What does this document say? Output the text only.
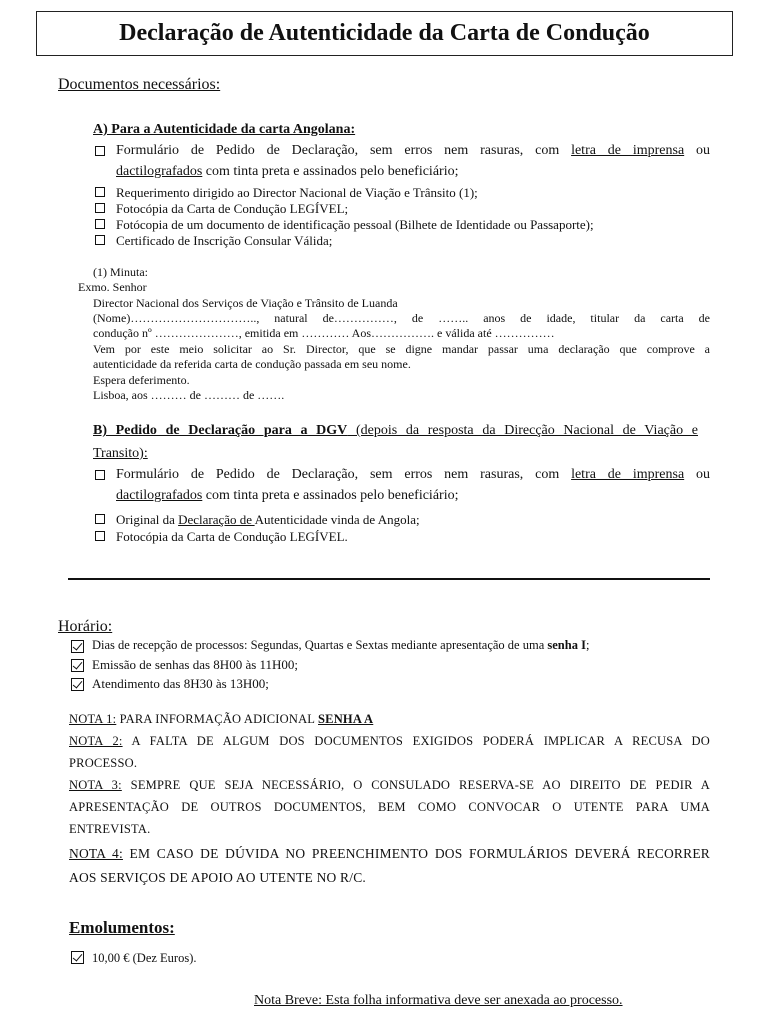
Declaração de Autenticidade da Carta de Condução
Documentos necessários:
A) Para a Autenticidade da carta Angolana:
Formulário de Pedido de Declaração, sem erros nem rasuras, com letra de imprensa ou
dactilografados com tinta preta e assinados pelo beneficiário;
Requerimento dirigido ao Director Nacional de Viação e Trânsito (1);
Fotocópia da Carta de Condução LEGÍVEL;
Fotócopia de um documento de identificação pessoal (Bilhete de Identidade ou Passaporte);
Certificado de Inscrição Consular Válida;
(1) Minuta:
Exmo. Senhor
Director Nacional dos Serviços de Viação e Trânsito de Luanda
(Nome)………………………….., natural de……………, de …….. anos de idade, titular da carta de
condução nº …………………, emitida em ………… Aos……………. e válida até ……………
Vem por este meio solicitar ao Sr. Director, que se digne mandar passar uma declaração que comprove a
autenticidade da referida carta de condução passada em seu nome.
Espera deferimento.
Lisboa, aos ……… de ……… de …….
B) Pedido de Declaração para a DGV (depois da resposta da Direcção Nacional de Viação e
Transito):
Formulário de Pedido de Declaração, sem erros nem rasuras, com letra de imprensa ou
dactilografados com tinta preta e assinados pelo beneficiário;
Original da Declaração de Autenticidade vinda de Angola;
Fotocópia da Carta de Condução LEGÍVEL.
Horário:
Dias de recepção de processos: Segundas, Quartas e Sextas mediante apresentação de uma senha I;
Emissão de senhas das 8H00 às 11H00;
Atendimento das 8H30 às 13H00;
NOTA 1: PARA INFORMAÇÃO ADICIONAL SENHA A
NOTA 2: A FALTA DE ALGUM DOS DOCUMENTOS EXIGIDOS PODERÁ IMPLICAR A RECUSA DO
PROCESSO.
NOTA 3: SEMPRE QUE SEJA NECESSÁRIO, O CONSULADO RESERVA-SE AO DIREITO DE PEDIR A
APRESENTAÇÃO DE OUTROS DOCUMENTOS, BEM COMO CONVOCAR O UTENTE PARA UMA
ENTREVISTA.
NOTA 4: EM CASO DE DÚVIDA NO PREENCHIMENTO DOS FORMULÁRIOS DEVERÁ RECORRER
AOS SERVIÇOS DE APOIO AO UTENTE NO R/C.
Emolumentos:
10,00 € (Dez Euros).
Nota Breve: Esta folha informativa deve ser anexada ao processo.
